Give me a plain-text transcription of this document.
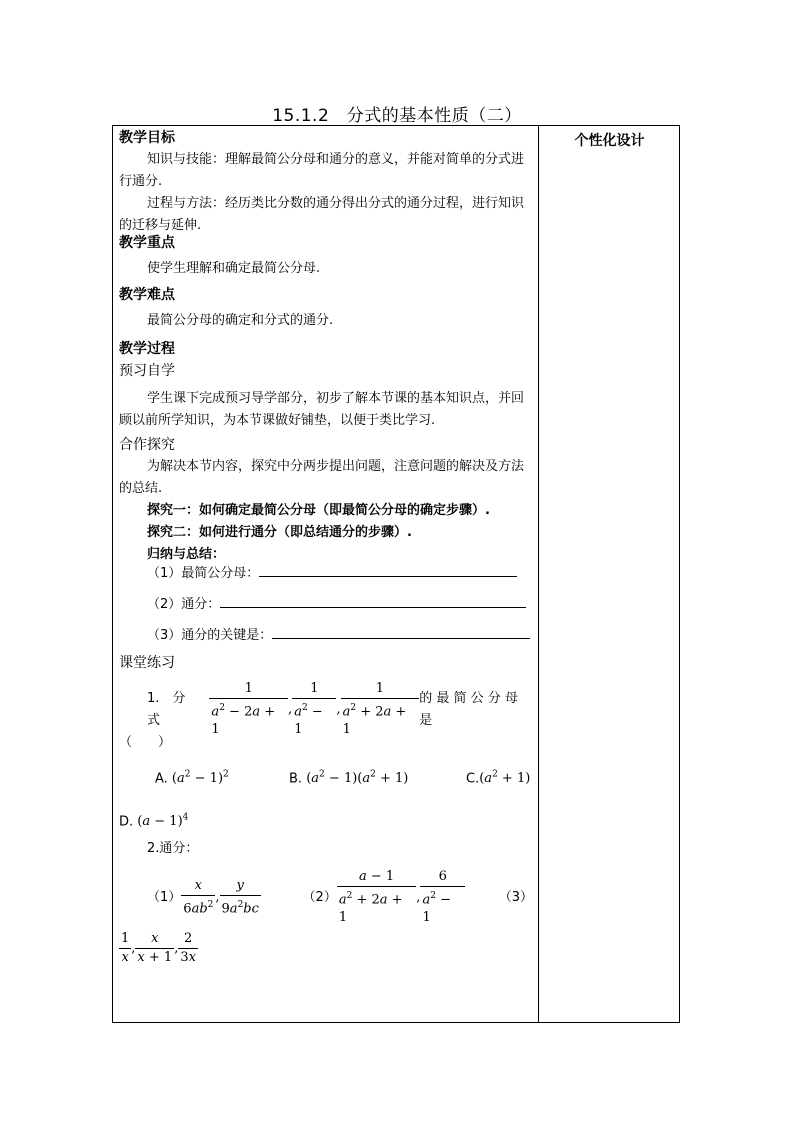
15.1.2　分式的基本性质（二）
个性化设计
教学目标
知识与技能：理解最简公分母和通分的意义，并能对简单的分式进行通分.
过程与方法：经历类比分数的通分得出分式的通分过程，进行知识的迁移与延伸.
教学重点
使学生理解和确定最简公分母.
教学难点
最简公分母的确定和分式的通分.
教学过程
预习自学
学生课下完成预习导学部分，初步了解本节课的基本知识点，并回顾以前所学知识，为本节课做好铺垫，以便于类比学习.
合作探究
为解决本节内容，探究中分两步提出问题，注意问题的解决及方法的总结.
探究一：如何确定最简公分母（即最简公分母的确定步骤）.
探究二：如何进行通分（即总结通分的步骤）.
归纳与总结：
（1）最简公分母：
（2）通分：
（3）通分的关键是：
课堂练习
1.　分 式	$\frac{1}{a^2 - 2a + 1}$ , $\frac{1}{a^2 - 1}$ , $\frac{1}{a^2 + 2a + 1}$ 的 最 简 公 分 母 是
（　　）
A. $(a^2 - 1)^2$	B. $(a^2 - 1)(a^2 + 1)$	$C.(a^2 + 1)$
D. $(a - 1)^4$
2.通分：
$(1) \frac{x}{6ab^2}$ , $\frac{y}{9a^2bc}$	$(2) \frac{a - 1}{a^2 + 2a + 1}$ , $\frac{6}{a^2 - 1}$	（3）
$\frac{1}{x}$ , $\frac{x}{x + 1}$ , $\frac{2}{3x}$
